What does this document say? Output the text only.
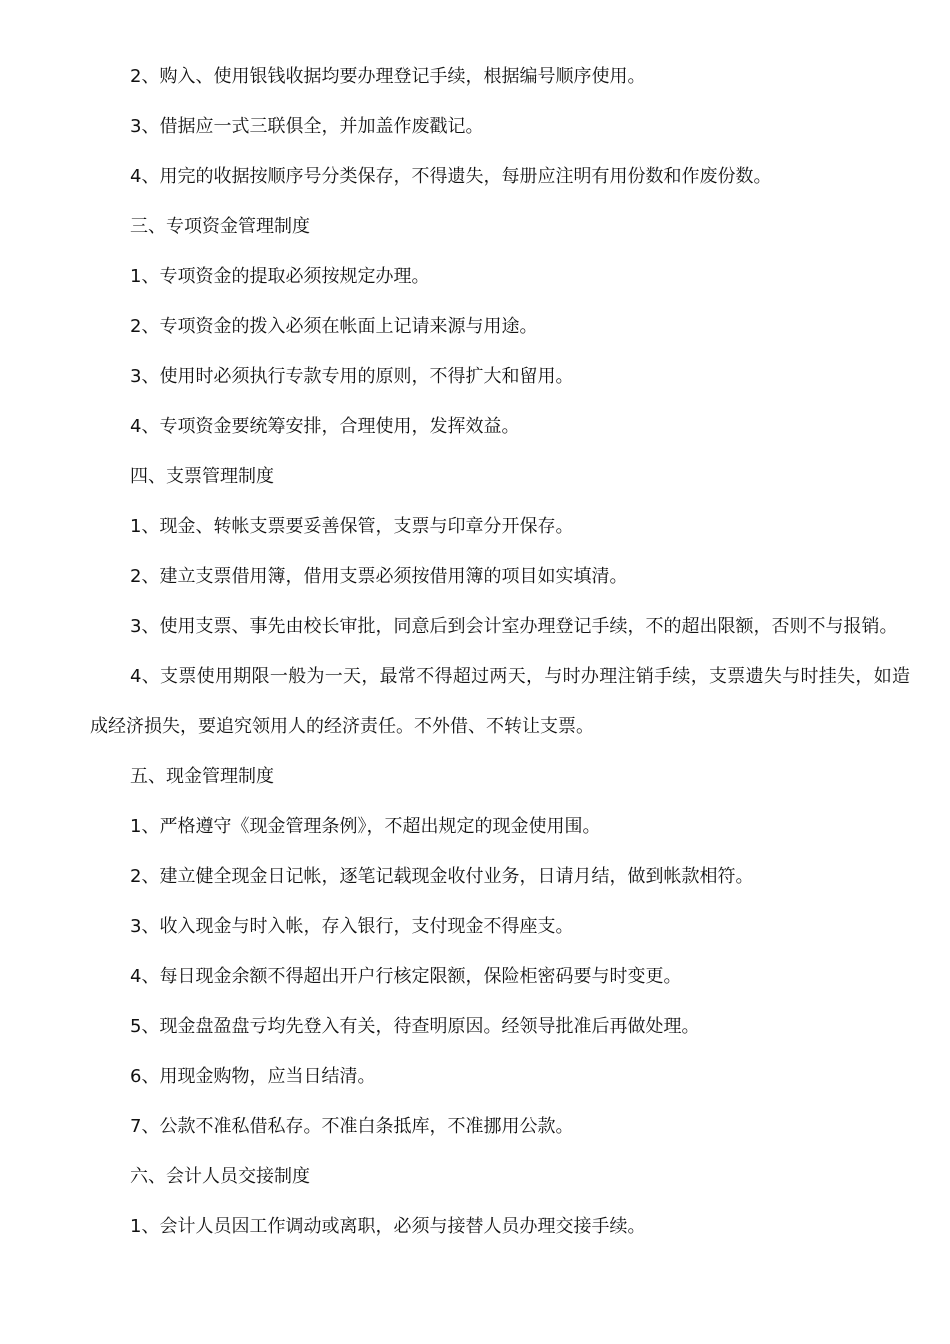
2、购入、使用银钱收据均要办理登记手续，根据编号顺序使用。

3、借据应一式三联俱全，并加盖作废戳记。

4、用完的收据按顺序号分类保存，不得遗失，每册应注明有用份数和作废份数。

三、专项资金管理制度

1、专项资金的提取必须按规定办理。

2、专项资金的拨入必须在帐面上记请来源与用途。

3、使用时必须执行专款专用的原则，不得扩大和留用。

4、专项资金要统筹安排，合理使用，发挥效益。

四、支票管理制度

1、现金、转帐支票要妥善保管，支票与印章分开保存。

2、建立支票借用簿，借用支票必须按借用簿的项目如实填清。

3、使用支票、事先由校长审批，同意后到会计室办理登记手续，不的超出限额，否则不与报销。

4、支票使用期限一般为一天，最常不得超过两天，与时办理注销手续，支票遗失与时挂失，如造成经济损失，要追究领用人的经济责任。不外借、不转让支票。

五、现金管理制度

1、严格遵守《现金管理条例》，不超出规定的现金使用围。

2、建立健全现金日记帐，逐笔记载现金收付业务，日请月结，做到帐款相符。

3、收入现金与时入帐，存入银行，支付现金不得座支。

4、每日现金余额不得超出开户行核定限额，保险柜密码要与时变更。

5、现金盘盈盘亏均先登入有关，待查明原因。经领导批准后再做处理。

6、用现金购物，应当日结清。

7、公款不准私借私存。不准白条抵库，不准挪用公款。

六、会计人员交接制度

1、会计人员因工作调动或离职，必须与接替人员办理交接手续。
